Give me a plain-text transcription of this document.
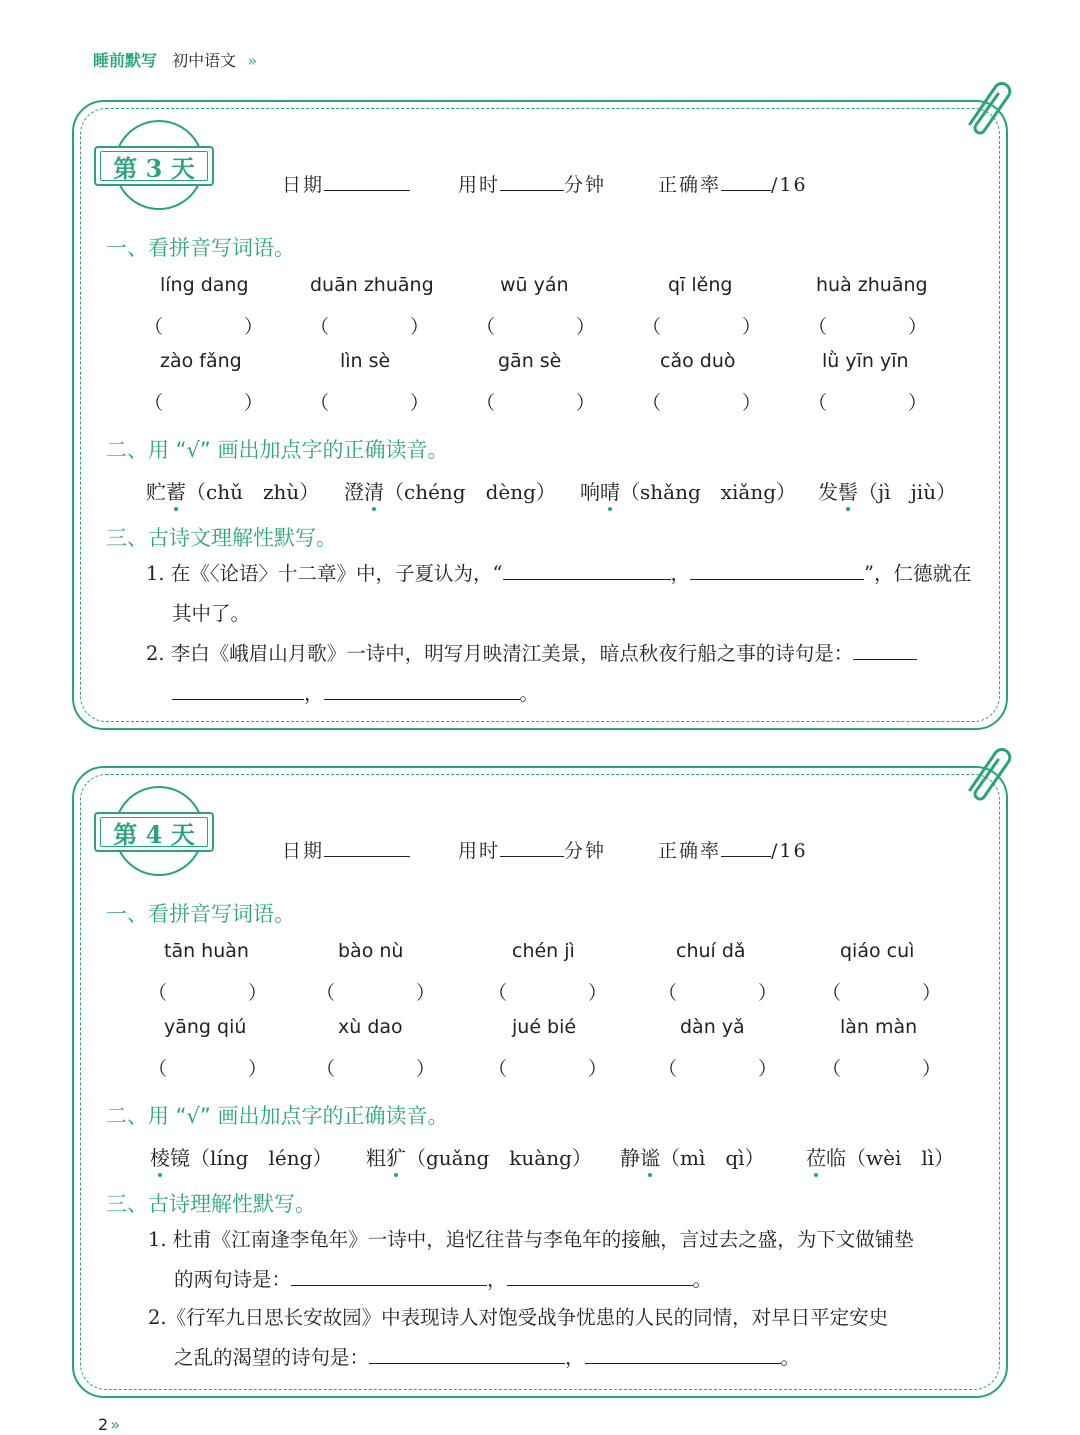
睡前默写 初中语文 »
第 3 天
日期	用时	分钟	正确率	/16
一、看拼音写词语。
líng dang	duān zhuāng	wū yán	qī lěng	huà zhuāng
（	） （	） （	） （	） （	）
zào fǎng	lìn sè	gān sè	cǎo duò	lǜ yīn yīn
（	） （	） （	） （	） （	）
二、用 “√” 画出加点字的正确读音。
贮蓄（chǔ　zhù） 澄清（chéng　dèng） 响晴（shǎng　xiǎng） 发髻（jì　jiù）
三、古诗文理解性默写。
1. 在《〈论语〉十二章》中，子夏认为，“	，	”，仁德就在
其中了。
2. 李白《峨眉山月歌》一诗中，明写月映清江美景，暗点秋夜行船之事的诗句是：
，	。
第 4 天
日期	用时	分钟	正确率	/16
一、看拼音写词语。
tān huàn	bào nù	chén jì	chuí dǎ	qiáo cuì
（	）	（	）	（	）	（	） （	）
yāng qiú	xù dao	jué bié	dàn yǎ	làn màn
（	）	（	）	（	）	（	） （	）
二、用 “√” 画出加点字的正确读音。
棱镜（líng　léng） 粗犷（guǎng　kuàng） 静谧（mì　qì） 莅临（wèi　lì）
三、古诗理解性默写。
1. 杜甫《江南逢李龟年》一诗中，追忆往昔与李龟年的接触，言过去之盛，为下文做铺垫
的两句诗是：	，	。
2.《行军九日思长安故园》中表现诗人对饱受战争忧患的人民的同情，对早日平定安史
之乱的渴望的诗句是：	，	。
2 »
